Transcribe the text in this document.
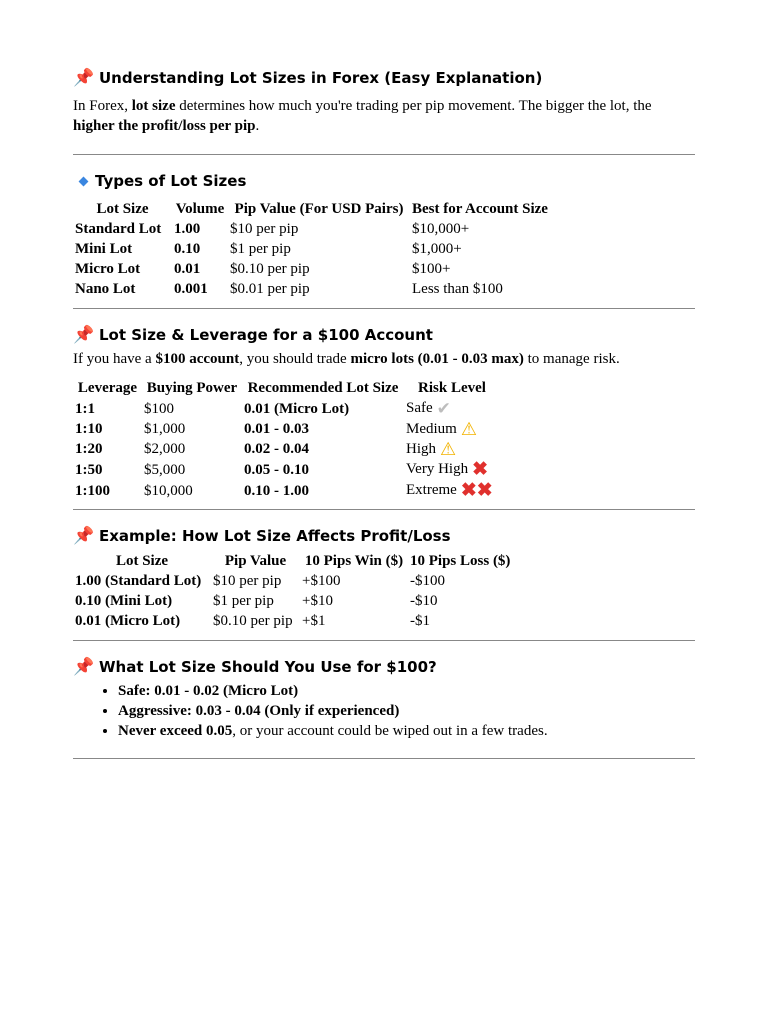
📌 Understanding Lot Sizes in Forex (Easy Explanation)

In Forex, lot size determines how much you're trading per pip movement. The bigger the lot, the higher the profit/loss per pip.

Types of Lot Sizes
Lot Size	Volume	Pip Value (For USD Pairs)	Best for Account Size
Standard Lot	1.00	$10 per pip	$10,000+
Mini Lot	0.10	$1 per pip	$1,000+
Micro Lot	0.01	$0.10 per pip	$100+
Nano Lot	0.001	$0.01 per pip	Less than $100
📌 Lot Size & Leverage for a $100 Account

If you have a $100 account, you should trade micro lots (0.01 - 0.03 max) to manage risk.

Leverage	Buying Power	Recommended Lot Size	Risk Level
1:1	$100	0.01 (Micro Lot)	Safe ✔
1:10	$1,000	0.01 - 0.03	Medium ⚠
1:20	$2,000	0.02 - 0.04	High ⚠
1:50	$5,000	0.05 - 0.10	Very High ✖
1:100	$10,000	0.10 - 1.00	Extreme ✖✖
📌 Example: How Lot Size Affects Profit/Loss
Lot Size	Pip Value	10 Pips Win ($)	10 Pips Loss ($)
1.00 (Standard Lot)	$10 per pip	+$100	-$100
0.10 (Mini Lot)	$1 per pip	+$10	-$10
0.01 (Micro Lot)	$0.10 per pip	+$1	-$1
📌 What Lot Size Should You Use for $100?
• Safe: 0.01 - 0.02 (Micro Lot)
• Aggressive: 0.03 - 0.04 (Only if experienced)
• Never exceed 0.05, or your account could be wiped out in a few trades.
